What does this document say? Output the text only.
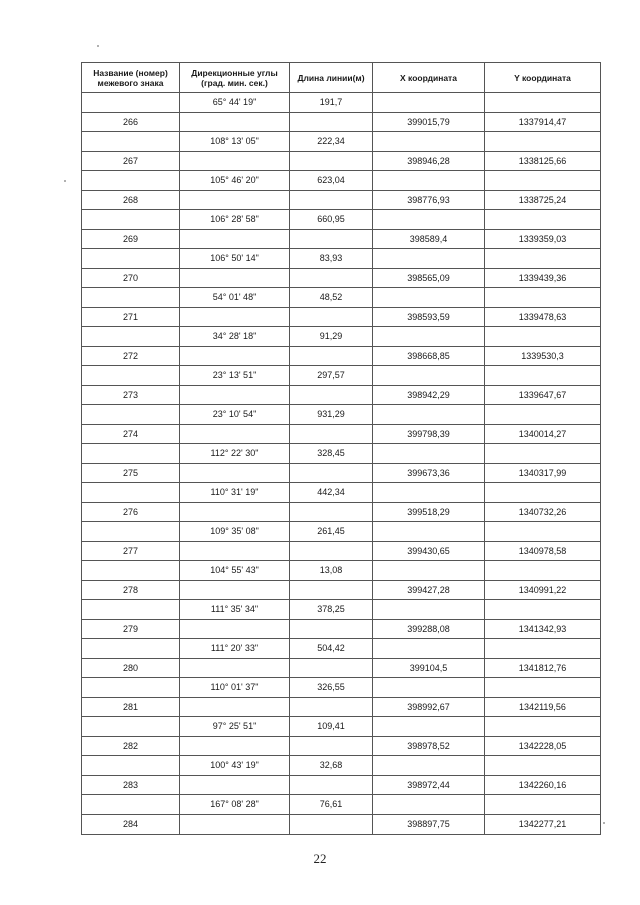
Название (номер) межевого знака	Дирекционные углы (град. мин. сек.)	Длина линии(м)	X координата	Y координата
	65° 44' 19"	191,7		
266			399015,79	1337914,47
	108° 13' 05"	222,34		
267			398946,28	1338125,66
	105° 46' 20"	623,04		
268			398776,93	1338725,24
	106° 28' 58"	660,95		
269			398589,4	1339359,03
	106° 50' 14"	83,93		
270			398565,09	1339439,36
	54° 01' 48"	48,52		
271			398593,59	1339478,63
	34° 28' 18"	91,29		
272			398668,85	1339530,3
	23° 13' 51"	297,57		
273			398942,29	1339647,67
	23° 10' 54"	931,29		
274			399798,39	1340014,27
	112° 22' 30"	328,45		
275			399673,36	1340317,99
	110° 31' 19"	442,34		
276			399518,29	1340732,26
	109° 35' 08"	261,45		
277			399430,65	1340978,58
	104° 55' 43"	13,08		
278			399427,28	1340991,22
	111° 35' 34"	378,25		
279			399288,08	1341342,93
	111° 20' 33"	504,42		
280			399104,5	1341812,76
	110° 01' 37"	326,55		
281			398992,67	1342119,56
	97° 25' 51"	109,41		
282			398978,52	1342228,05
	100° 43' 19"	32,68		
283			398972,44	1342260,16
	167° 08' 28"	76,61		
284			398897,75	1342277,21
22
